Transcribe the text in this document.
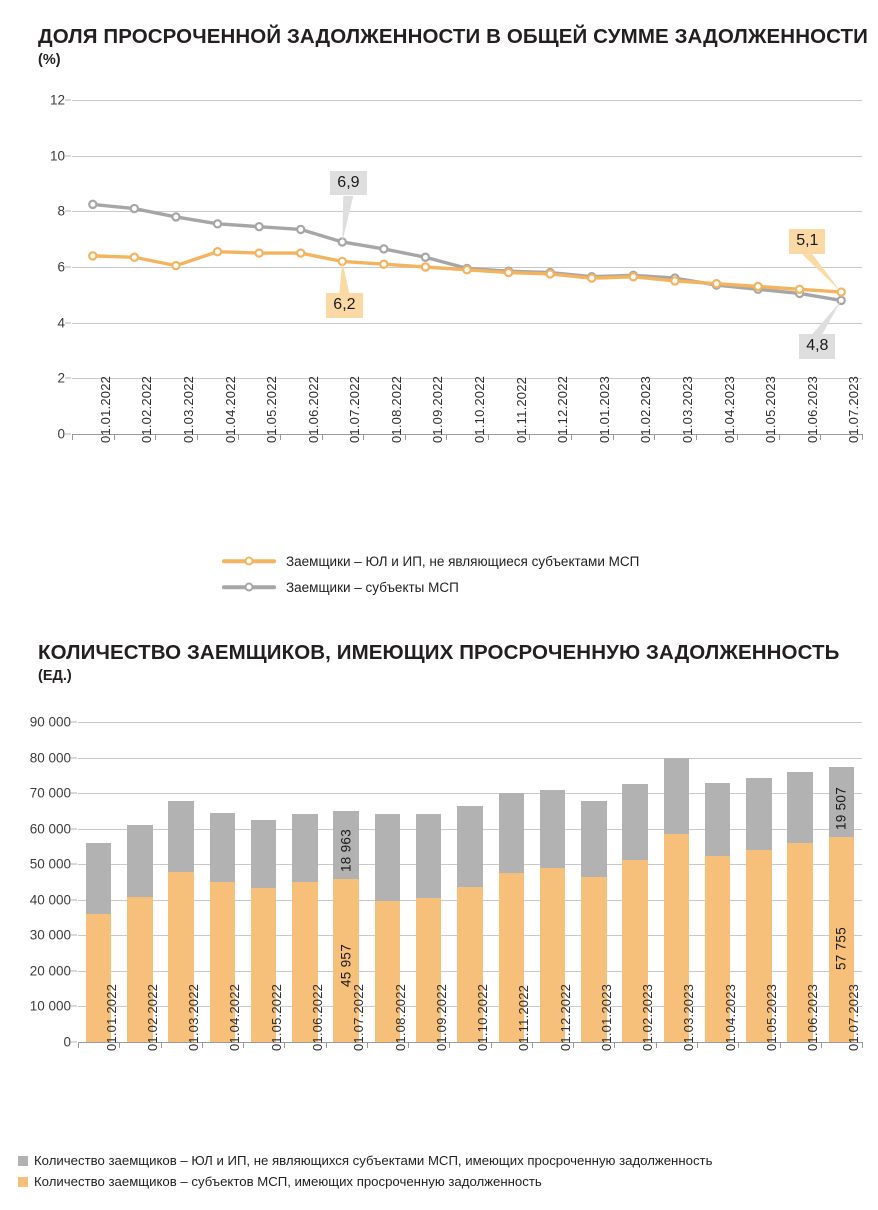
ДОЛЯ ПРОСРОЧЕННОЙ ЗАДОЛЖЕННОСТИ В ОБЩЕЙ СУММЕ ЗАДОЛЖЕННОСТИ
(%)
0
2
4
6
8
10
12
01.01.2022 01.02.2022 01.03.2022 01.04.2022 01.05.2022 01.06.2022 01.07.2022 01.08.2022 01.09.2022 01.10.2022 01.11.2022 01.12.2022 01.01.2023 01.02.2023 01.03.2023 01.04.2023 01.05.2023 01.06.2023 01.07.2023
6,9
6,2
5,1
4,8
Заемщики – ЮЛ и ИП, не являющиеся субъектами МСП
Заемщики – субъекты МСП
КОЛИЧЕСТВО ЗАЕМЩИКОВ, ИМЕЮЩИХ ПРОСРОЧЕННУЮ ЗАДОЛЖЕННОСТЬ
(ЕД.)
0
10 000
20 000
30 000
40 000
50 000
60 000
70 000
80 000
90 000
01.01.2022 01.02.2022 01.03.2022 01.04.2022 01.05.2022 01.06.2022
45 957
18 963
01.07.2022 01.08.2022 01.09.2022 01.10.2022 01.11.2022 01.12.2022 01.01.2023 01.02.2023 01.03.2023 01.04.2023 01.05.2023 01.06.2023
57 755
19 507
01.07.2023
Количество заемщиков – ЮЛ и ИП, не являющихся субъектами МСП, имеющих просроченную задолженность
Количество заемщиков – субъектов МСП, имеющих просроченную задолженность
